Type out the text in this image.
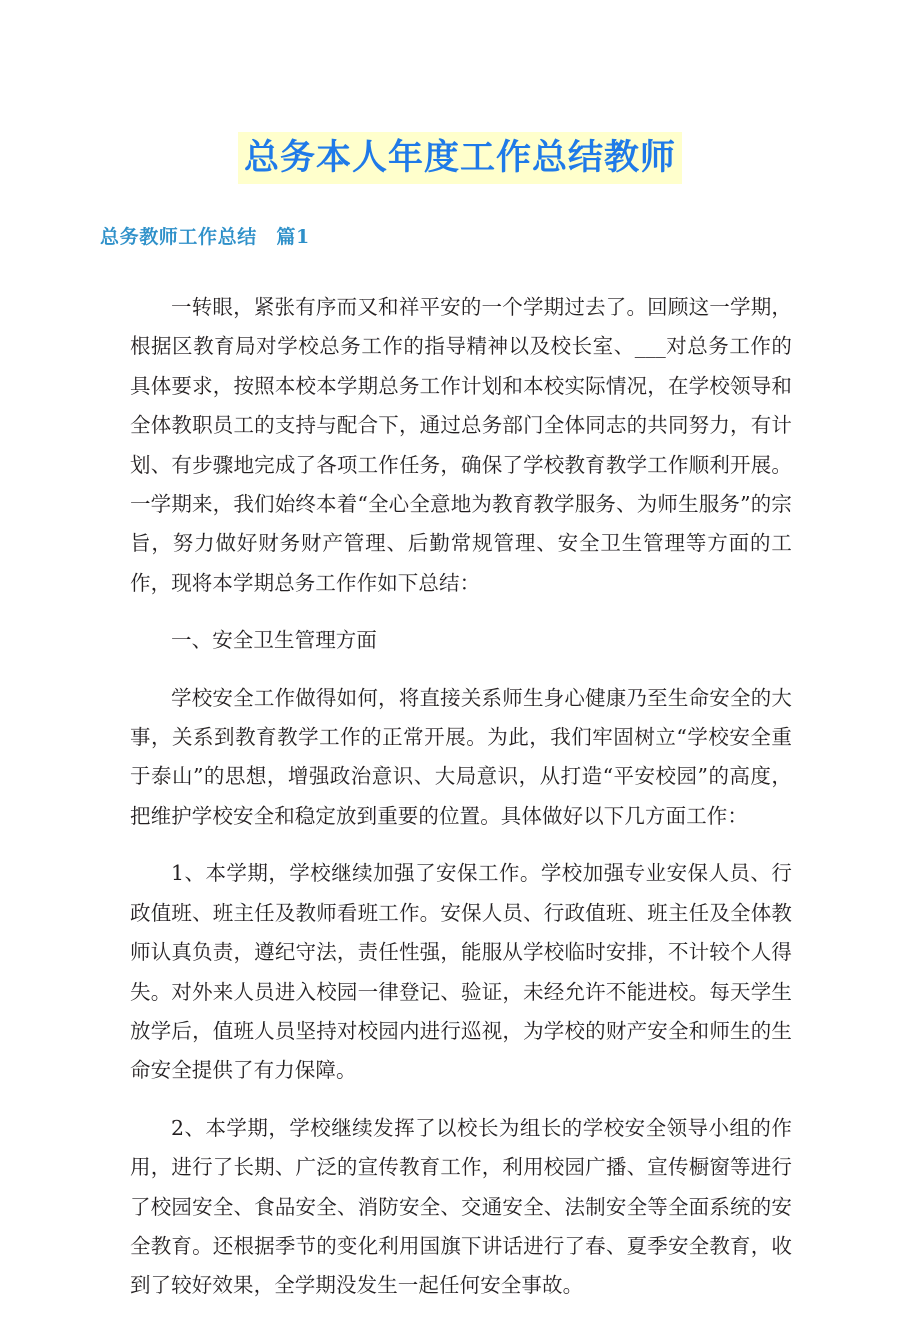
总务本人年度工作总结教师
总务教师工作总结　篇1

一转眼，紧张有序而又和祥平安的一个学期过去了。回顾这一学期，根据区教育局对学校总务工作的指导精神以及校长室、___对总务工作的具体要求，按照本校本学期总务工作计划和本校实际情况，在学校领导和全体教职员工的支持与配合下，通过总务部门全体同志的共同努力，有计划、有步骤地完成了各项工作任务，确保了学校教育教学工作顺利开展。一学期来，我们始终本着“全心全意地为教育教学服务、为师生服务”的宗旨，努力做好财务财产管理、后勤常规管理、安全卫生管理等方面的工作，现将本学期总务工作作如下总结：

一、安全卫生管理方面

学校安全工作做得如何，将直接关系师生身心健康乃至生命安全的大事，关系到教育教学工作的正常开展。为此，我们牢固树立“学校安全重于泰山”的思想，增强政治意识、大局意识，从打造“平安校园”的高度，把维护学校安全和稳定放到重要的位置。具体做好以下几方面工作：

1、本学期，学校继续加强了安保工作。学校加强专业安保人员、行政值班、班主任及教师看班工作。安保人员、行政值班、班主任及全体教师认真负责，遵纪守法，责任性强，能服从学校临时安排，不计较个人得失。对外来人员进入校园一律登记、验证，未经允许不能进校。每天学生放学后，值班人员坚持对校园内进行巡视，为学校的财产安全和师生的生命安全提供了有力保障。

2、本学期，学校继续发挥了以校长为组长的学校安全领导小组的作用，进行了长期、广泛的宣传教育工作，利用校园广播、宣传橱窗等进行了校园安全、食品安全、消防安全、交通安全、法制安全等全面系统的安全教育。还根据季节的变化利用国旗下讲话进行了春、夏季安全教育，收到了较好效果，全学期没发生一起任何安全事故。
